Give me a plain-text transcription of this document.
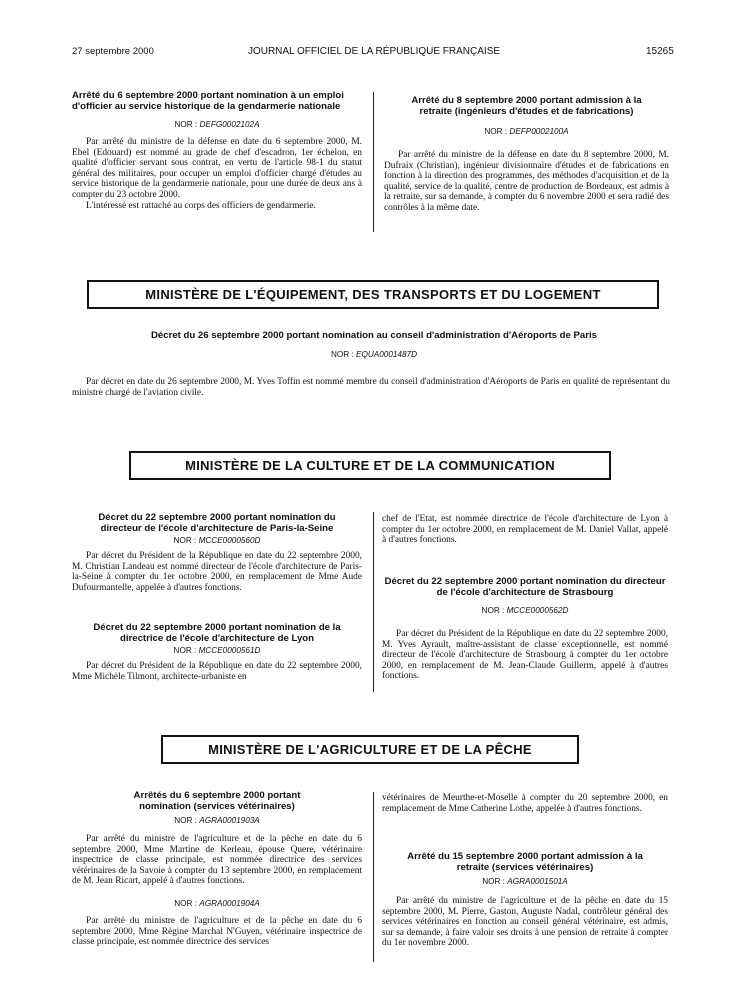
27 septembre 2000	JOURNAL OFFICIEL DE LA RÉPUBLIQUE FRANÇAISE	15265
Arrêté du 6 septembre 2000 portant nomination à un emploi d'officier au service historique de la gendarmerie nationale
NOR : DEFG0002102A

Par arrêté du ministre de la défense en date du 6 septembre 2000, M. Ebel (Edouard) est nommé au grade de chef d'escadron, 1er échelon, en qualité d'officier servant sous contrat, en vertu de l'article 98-1 du statut général des militaires, pour occuper un emploi d'officier chargé d'études au service historique de la gendarmerie nationale, pour une durée de deux ans à compter du 23 octobre 2000.

L'intéressé est rattaché au corps des officiers de gendarmerie.

Arrêté du 8 septembre 2000 portant admission à la retraite (ingénieurs d'études et de fabrications)
NOR : DEFP0002100A

Par arrêté du ministre de la défense en date du 8 septembre 2000, M. Dufraix (Christian), ingénieur divisionnaire d'études et de fabrications en fonction à la direction des programmes, des méthodes d'acquisition et de la qualité, service de la qualité, centre de production de Bordeaux, est admis à la retraite, sur sa demande, à compter du 6 novembre 2000 et sera radié des contrôles à la même date.

MINISTÈRE DE L'ÉQUIPEMENT, DES TRANSPORTS ET DU LOGEMENT
Décret du 26 septembre 2000 portant nomination au conseil d'administration d'Aéroports de Paris
NOR : EQUA0001487D

Par décret en date du 26 septembre 2000, M. Yves Toffin est nommé membre du conseil d'administration d'Aéroports de Paris en qualité de représentant du ministre chargé de l'aviation civile.

MINISTÈRE DE LA CULTURE ET DE LA COMMUNICATION
Décret du 22 septembre 2000 portant nomination du directeur de l'école d'architecture de Paris-la-Seine
NOR : MCCE0000560D

Par décret du Président de la République en date du 22 septembre 2000, M. Christian Landeau est nommé directeur de l'école d'architecture de Paris-la-Seine à compter du 1er octobre 2000, en remplacement de Mme Aude Dufourmantelle, appelée à d'autres fonctions.

Décret du 22 septembre 2000 portant nomination de la directrice de l'école d'architecture de Lyon
NOR : MCCE0000561D

Par décret du Président de la République en date du 22 septembre 2000, Mme Michèle Tilmont, architecte-urbaniste en

chef de l'Etat, est nommée directrice de l'école d'architecture de Lyon à compter du 1er octobre 2000, en remplacement de M. Daniel Vallat, appelé à d'autres fonctions.

Décret du 22 septembre 2000 portant nomination du directeur de l'école d'architecture de Strasbourg
NOR : MCCE0000562D

Par décret du Président de la République en date du 22 septembre 2000, M. Yves Ayrault, maître-assistant de classe exceptionnelle, est nommé directeur de l'école d'architecture de Strasbourg à compter du 1er octobre 2000, en remplacement de M. Jean-Claude Guillerm, appelé à d'autres fonctions.

MINISTÈRE DE L'AGRICULTURE ET DE LA PÊCHE
Arrêtés du 6 septembre 2000 portant nomination (services vétérinaires)
NOR : AGRA0001903A

Par arrêté du ministre de l'agriculture et de la pêche en date du 6 septembre 2000, Mme Martine de Kerleau, épouse Quere, vétérinaire inspectrice de classe principale, est nommée directrice des services vétérinaires de la Savoie à compter du 13 septembre 2000, en remplacement de M. Jean Ricart, appelé à d'autres fonctions.

NOR : AGRA0001904A

Par arrêté du ministre de l'agriculture et de la pêche en date du 6 septembre 2000, Mme Régine Marchal N'Guyen, vétérinaire inspectrice de classe principale, est nommée directrice des services

vétérinaires de Meurthe-et-Moselle à compter du 20 septembre 2000, en remplacement de Mme Catherine Lothe, appelée à d'autres fonctions.

Arrêté du 15 septembre 2000 portant admission à la retraite (services vétérinaires)
NOR : AGRA0001501A

Par arrêté du ministre de l'agriculture et de la pêche en date du 15 septembre 2000, M. Pierre, Gaston, Auguste Nadal, contrôleur général des services vétérinaires en fonction au conseil général vétérinaire, est admis, sur sa demande, à faire valoir ses droits à une pension de retraite à compter du 1er novembre 2000.
